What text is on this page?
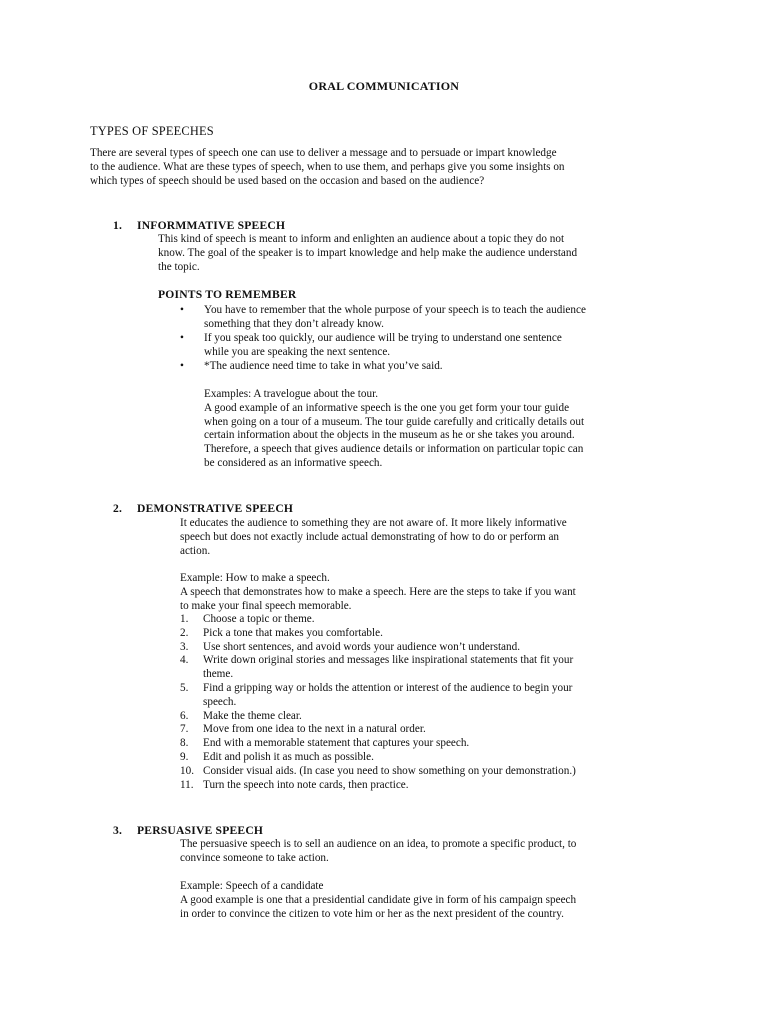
ORAL COMMUNICATION
TYPES OF SPEECHES
There are several types of speech one can use to deliver a message and to persuade or impart knowledge
to the audience. What are these types of speech, when to use them, and perhaps give you some insights on
which types of speech should be used based on the occasion and based on the audience?
1. INFORMMATIVE SPEECH
This kind of speech is meant to inform and enlighten an audience about a topic they do not
know. The goal of the speaker is to impart knowledge and help make the audience understand
the topic.
POINTS TO REMEMBER
•	You have to remember that the whole purpose of your speech is to teach the audience
something that they don’t already know.
•	If you speak too quickly, our audience will be trying to understand one sentence
while you are speaking the next sentence.
•	*The audience need time to take in what you’ve said.
Examples: A travelogue about the tour.
A good example of an informative speech is the one you get form your tour guide
when going on a tour of a museum. The tour guide carefully and critically details out
certain information about the objects in the museum as he or she takes you around.
Therefore, a speech that gives audience details or information on particular topic can
be considered as an informative speech.
2. DEMONSTRATIVE SPEECH
It educates the audience to something they are not aware of. It more likely informative
speech but does not exactly include actual demonstrating of how to do or perform an
action.
Example: How to make a speech.
A speech that demonstrates how to make a speech. Here are the steps to take if you want
to make your final speech memorable.
1.	Choose a topic or theme.
2.	Pick a tone that makes you comfortable.
3.	Use short sentences, and avoid words your audience won’t understand.
4.	Write down original stories and messages like inspirational statements that fit your
theme.
5.	Find a gripping way or holds the attention or interest of the audience to begin your
speech.
6.	Make the theme clear.
7.	Move from one idea to the next in a natural order.
8.	End with a memorable statement that captures your speech.
9.	Edit and polish it as much as possible.
10. Consider visual aids. (In case you need to show something on your demonstration.)
11. Turn the speech into note cards, then practice.
3. PERSUASIVE SPEECH
The persuasive speech is to sell an audience on an idea, to promote a specific product, to
convince someone to take action.
Example: Speech of a candidate
A good example is one that a presidential candidate give in form of his campaign speech
in order to convince the citizen to vote him or her as the next president of the country.
